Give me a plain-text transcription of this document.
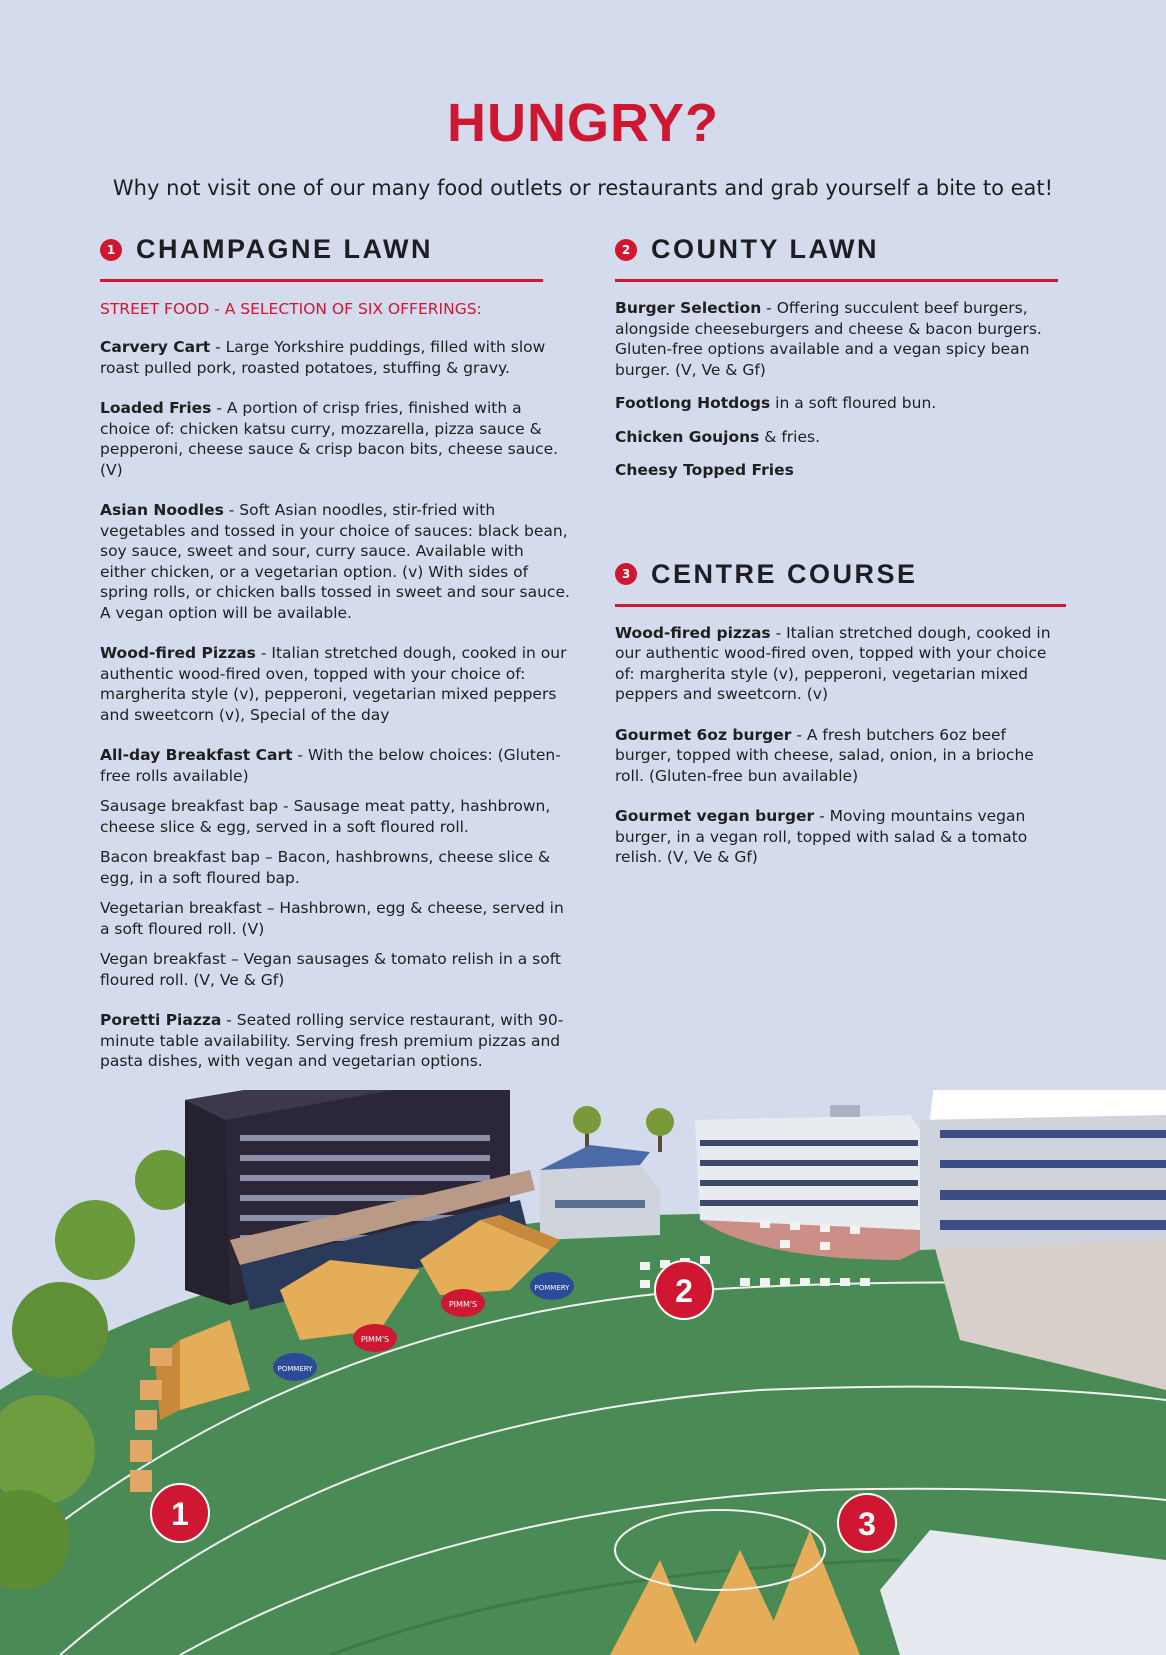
HUNGRY?
Why not visit one of our many food outlets or restaurants and grab yourself a bite to eat!
1 CHAMPAGNE LAWN

STREET FOOD - A SELECTION OF SIX OFFERINGS:

Carvery Cart - Large Yorkshire puddings, filled with slow roast pulled pork, roasted potatoes, stuffing & gravy.

Loaded Fries - A portion of crisp fries, finished with a choice of: chicken katsu curry, mozzarella, pizza sauce & pepperoni, cheese sauce & crisp bacon bits, cheese sauce. (V)

Asian Noodles - Soft Asian noodles, stir-fried with vegetables and tossed in your choice of sauces: black bean, soy sauce, sweet and sour, curry sauce. Available with either chicken, or a vegetarian option. (v) With sides of spring rolls, or chicken balls tossed in sweet and sour sauce. A vegan option will be available.

Wood-fired Pizzas - Italian stretched dough, cooked in our authentic wood-fired oven, topped with your choice of: margherita style (v), pepperoni, vegetarian mixed peppers and sweetcorn (v), Special of the day

All-day Breakfast Cart - With the below choices: (Gluten-free rolls available)

Sausage breakfast bap - Sausage meat patty, hashbrown, cheese slice & egg, served in a soft floured roll.

Bacon breakfast bap – Bacon, hashbrowns, cheese slice & egg, in a soft floured bap.

Vegetarian breakfast – Hashbrown, egg & cheese, served in a soft floured roll. (V)

Vegan breakfast – Vegan sausages & tomato relish in a soft floured roll. (V, Ve & Gf)

Poretti Piazza - Seated rolling service restaurant, with 90-minute table availability. Serving fresh premium pizzas and pasta dishes, with vegan and vegetarian options.

2 COUNTY LAWN

Burger Selection - Offering succulent beef burgers, alongside cheeseburgers and cheese & bacon burgers. Gluten-free options available and a vegan spicy bean burger. (V, Ve & Gf)

Footlong Hotdogs in a soft floured bun.

Chicken Goujons & fries.

Cheesy Topped Fries

3 CENTRE COURSE

Wood-fired pizzas - Italian stretched dough, cooked in our authentic wood-fired oven, topped with your choice of: margherita style (v), pepperoni, vegetarian mixed peppers and sweetcorn. (v)

Gourmet 6oz burger - A fresh butchers 6oz beef burger, topped with cheese, salad, onion, in a brioche roll. (Gluten-free bun available)

Gourmet vegan burger - Moving mountains vegan burger, in a vegan roll, topped with salad & a tomato relish. (V, Ve & Gf)

PIMM'S
PIMM'S
POMMERY
POMMERY
1
2
3
